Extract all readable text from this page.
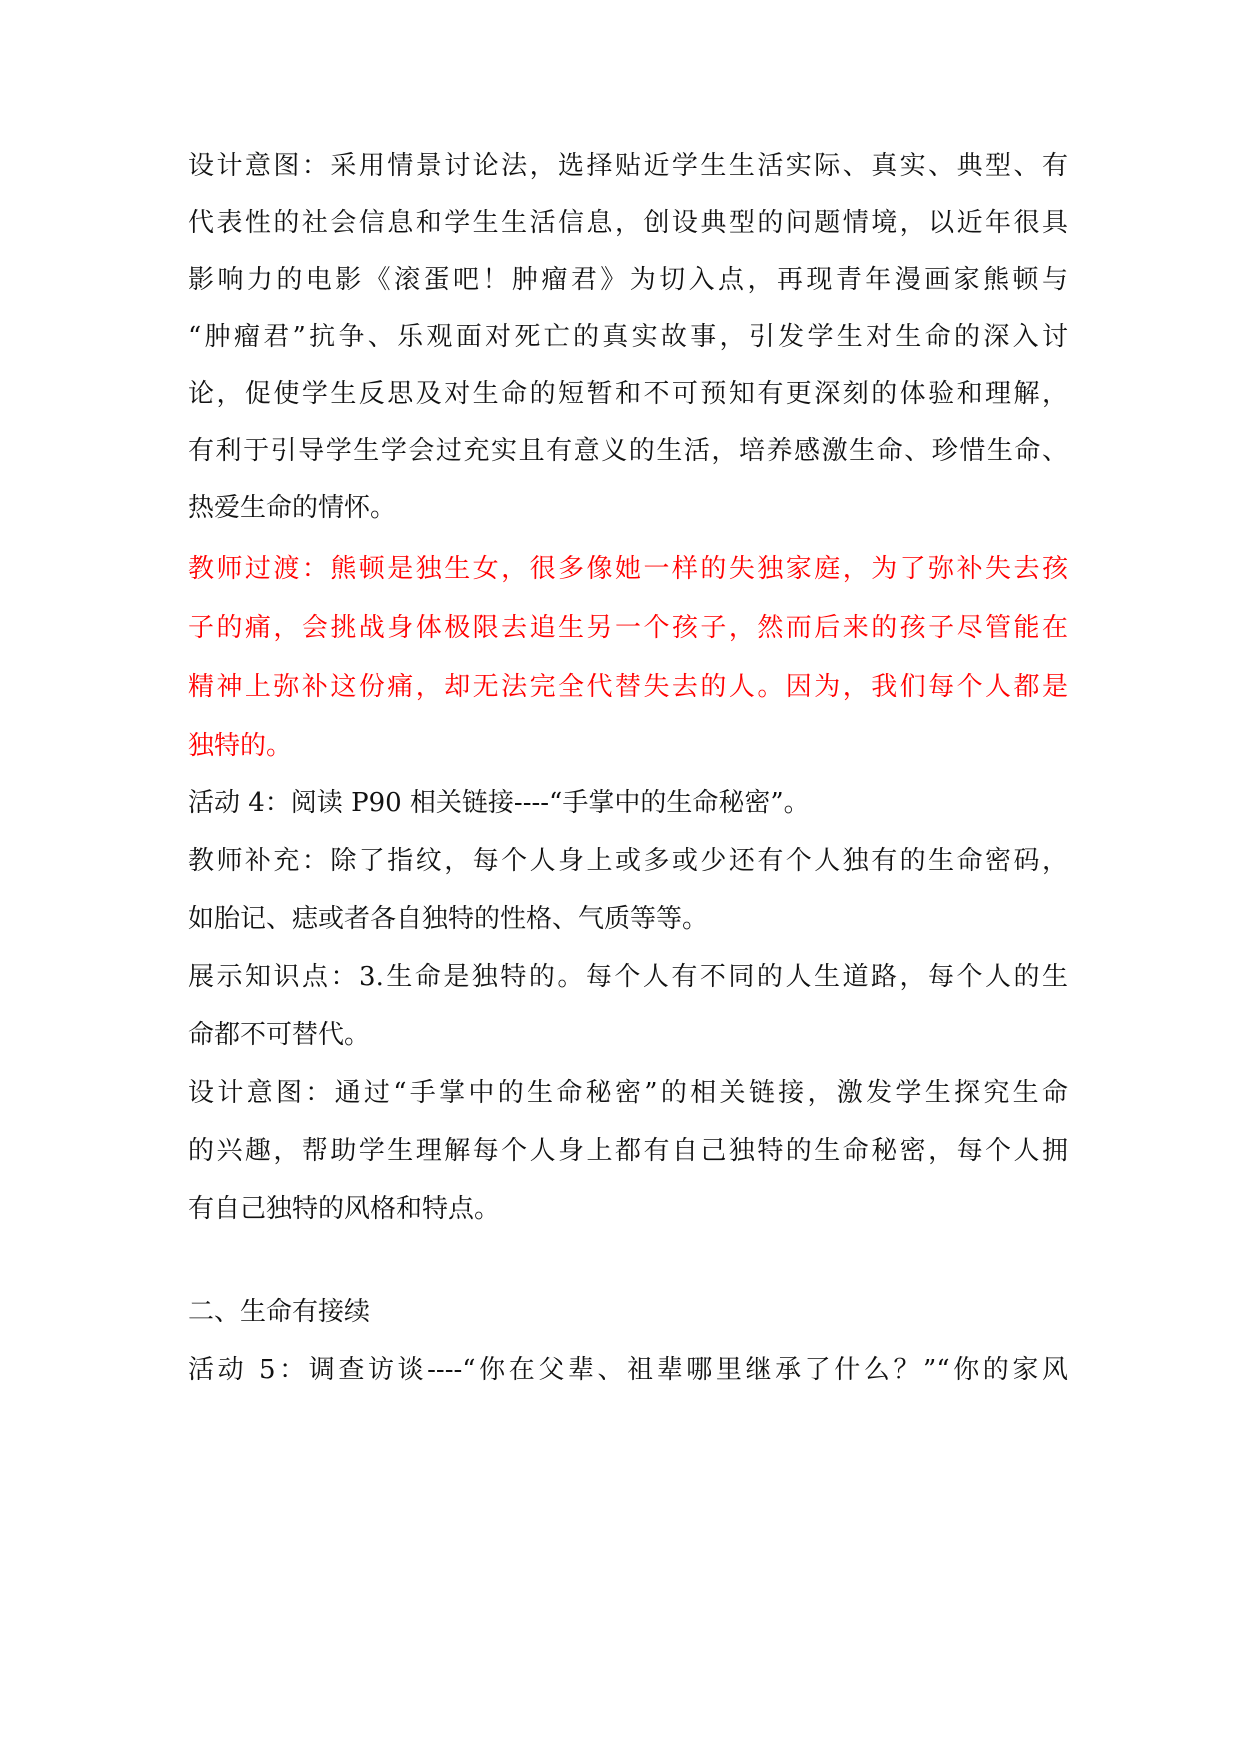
设计意图：采用情景讨论法，选择贴近学生生活实际、真实、典型、有
代表性的社会信息和学生生活信息，创设典型的问题情境，以近年很具
影响力的电影《滚蛋吧！肿瘤君》为切入点，再现青年漫画家熊顿与
“肿瘤君”抗争、乐观面对死亡的真实故事，引发学生对生命的深入讨
论，促使学生反思及对生命的短暂和不可预知有更深刻的体验和理解，
有利于引导学生学会过充实且有意义的生活，培养感激生命、珍惜生命、
热爱生命的情怀。
教师过渡：熊顿是独生女，很多像她一样的失独家庭，为了弥补失去孩
子的痛，会挑战身体极限去追生另一个孩子，然而后来的孩子尽管能在
精神上弥补这份痛，却无法完全代替失去的人。因为，我们每个人都是
独特的。
活动 4：阅读 P90 相关链接----“手掌中的生命秘密”。
教师补充：除了指纹，每个人身上或多或少还有个人独有的生命密码，
如胎记、痣或者各自独特的性格、气质等等。
展示知识点：3.生命是独特的。每个人有不同的人生道路，每个人的生
命都不可替代。
设计意图：通过“手掌中的生命秘密”的相关链接，激发学生探究生命
的兴趣，帮助学生理解每个人身上都有自己独特的生命秘密，每个人拥
有自己独特的风格和特点。
二、生命有接续
活动 5：调查访谈----“你在父辈、祖辈哪里继承了什么？”“你的家风
